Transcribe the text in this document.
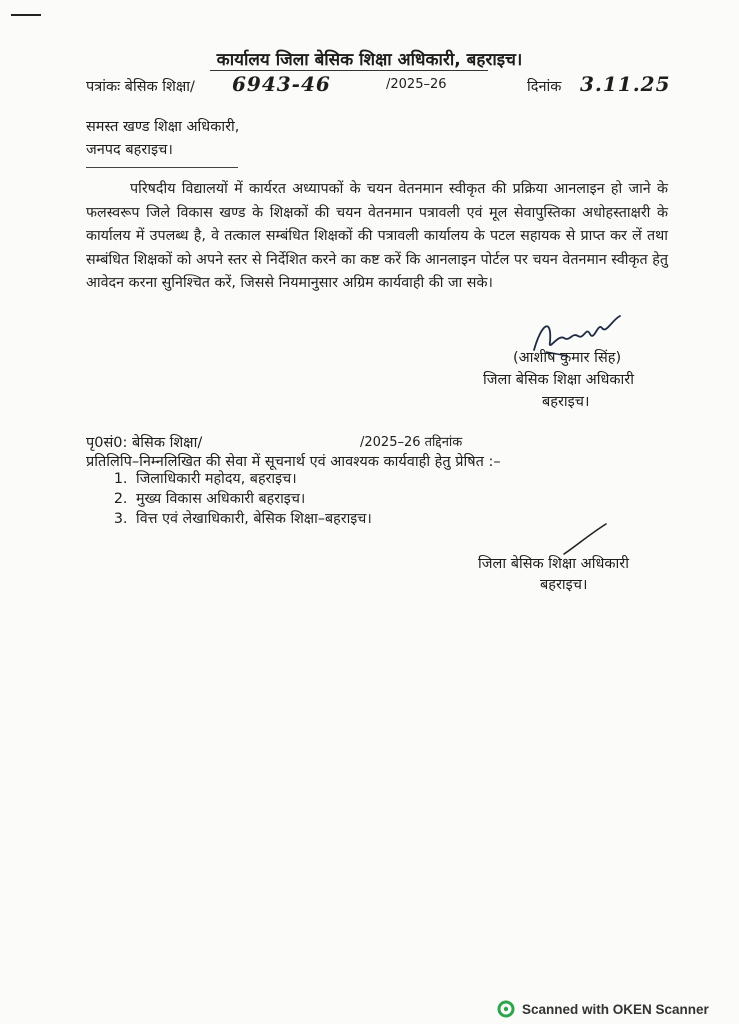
कार्यालय जिला बेसिक शिक्षा अधिकारी, बहराइच।
पत्रांकः बेसिक शिक्षा/ 6943-46	/2025–26	दिनांक 3.11.25
समस्त खण्ड शिक्षा अधिकारी,
जनपद बहराइच।
परिषदीय विद्यालयों में कार्यरत अध्यापकों के चयन वेतनमान स्वीकृत की प्रक्रिया आनलाइन हो जाने के फलस्वरूप जिले विकास खण्ड के शिक्षकों की चयन वेतनमान पत्रावली एवं मूल सेवापुस्तिका अधोहस्ताक्षरी के कार्यालय में उपलब्ध है, वे तत्काल सम्बंधित शिक्षकों की पत्रावली कार्यालय के पटल सहायक से प्राप्त कर लें तथा सम्बंधित शिक्षकों को अपने स्तर से निर्देशित करने का कष्ट करें कि आनलाइन पोर्टल पर चयन वेतनमान स्वीकृत हेतु आवेदन करना सुनिश्चित करें, जिससे नियमानुसार अग्रिम कार्यवाही की जा सके।
(आशीष कुमार सिंह)
जिला बेसिक शिक्षा अधिकारी
बहराइच।
पृ0सं0: बेसिक शिक्षा/	/2025–26 तद्दिनांक
प्रतिलिपि–निम्नलिखित की सेवा में सूचनार्थ एवं आवश्यक कार्यवाही हेतु प्रेषित :–
1. जिलाधिकारी महोदय, बहराइच।
2. मुख्य विकास अधिकारी बहराइच।
3. वित्त एवं लेखाधिकारी, बेसिक शिक्षा–बहराइच।
जिला बेसिक शिक्षा अधिकारी
बहराइच।
Scanned with OKEN Scanner
